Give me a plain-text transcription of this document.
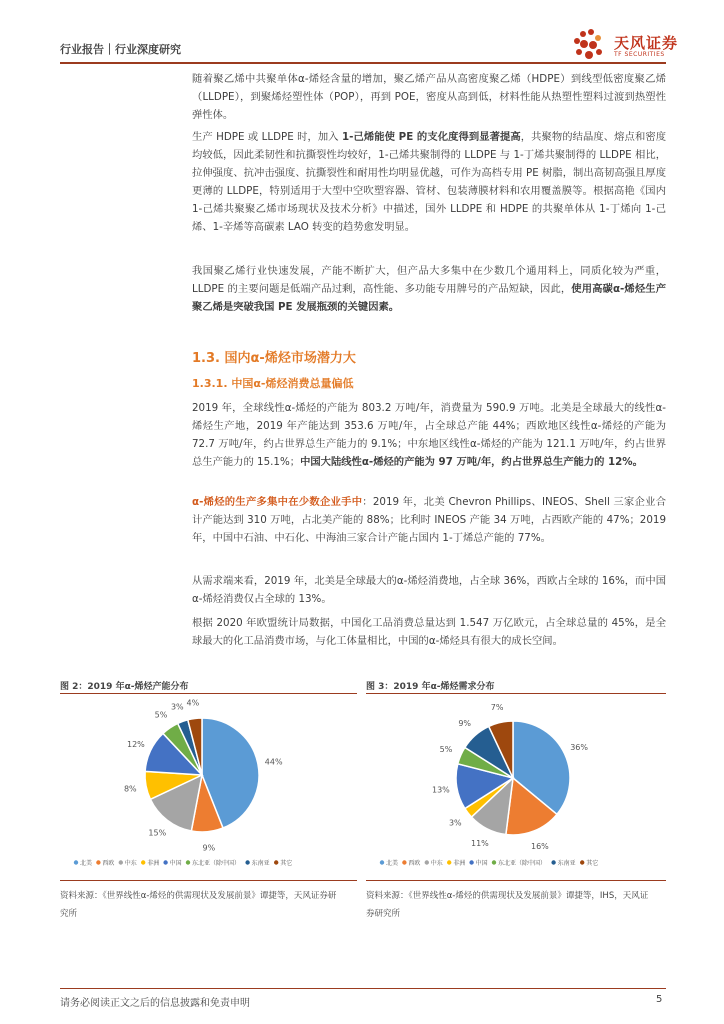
行业报告｜行业深度研究	天风证券
TF SECURITIES

随着聚乙烯中共聚单体α-烯烃含量的增加，聚乙烯产品从高密度聚乙烯（HDPE）到线型低密度聚乙烯（LLDPE），到聚烯烃塑性体（POP），再到 POE，密度从高到低，材料性能从热塑性塑料过渡到热塑性弹性体。

生产 HDPE 或 LLDPE 时，加入 1-己烯能使 PE 的支化度得到显著提高，共聚物的结晶度、熔点和密度均较低，因此柔韧性和抗撕裂性均较好，1-己烯共聚制得的 LLDPE 与 1-丁烯共聚制得的 LLDPE 相比，拉伸强度、抗冲击强度、抗撕裂性和耐用性均明显优越，可作为高档专用 PE 树脂，制出高韧高强且厚度更薄的 LLDPE，特别适用于大型中空吹塑容器、管材、包装薄膜材料和农用覆盖膜等。根据高艳《国内 1-己烯共聚聚乙烯市场现状及技术分析》中描述，国外 LLDPE 和 HDPE 的共聚单体从 1-丁烯向 1-己烯、1-辛烯等高碳素 LAO 转变的趋势愈发明显。

我国聚乙烯行业快速发展，产能不断扩大，但产品大多集中在少数几个通用料上，同质化较为严重，LLDPE 的主要问题是低端产品过剩，高性能、多功能专用牌号的产品短缺，因此，使用高碳α-烯烃生产聚乙烯是突破我国 PE 发展瓶颈的关键因素。

1.3. 国内α-烯烃市场潜力大
1.3.1. 中国α-烯烃消费总量偏低

2019 年，全球线性α-烯烃的产能为 803.2 万吨/年，消费量为 590.9 万吨。北美是全球最大的线性α-烯烃生产地，2019 年产能达到 353.6 万吨/年，占全球总产能 44%；西欧地区线性α-烯烃的产能为 72.7 万吨/年，约占世界总生产能力的 9.1%；中东地区线性α-烯烃的产能为 121.1 万吨/年，约占世界总生产能力的 15.1%；中国大陆线性α-烯烃的产能为 97 万吨/年，约占世界总生产能力的 12%。

α-烯烃的生产多集中在少数企业手中：2019 年，北美 Chevron Phillips、INEOS、Shell 三家企业合计产能达到 310 万吨，占北美产能的 88%；比利时 INEOS 产能 34 万吨，占西欧产能的 47%；2019 年，中国中石油、中石化、中海油三家合计产能占国内 1-丁烯总产能的 77%。

从需求端来看，2019 年，北美是全球最大的α-烯烃消费地，占全球 36%，西欧占全球的 16%，而中国α-烯烃消费仅占全球的 13%。

根据 2020 年欧盟统计局数据，中国化工品消费总量达到 1.547 万亿欧元，占全球总量的 45%，是全球最大的化工品消费市场，与化工体量相比，中国的α-烯烃具有很大的成长空间。

图 2：2019 年α-烯烃产能分布	图 3：2019 年α-烯烃需求分布
44%
9%
15%
8%
12%
5%
3% 4%
北美 西欧 中东 非洲 中国 东北亚（除中国） 东南亚 其它
36%
16%
11%
3%
13%
5%
9%
7%
北美 西欧 中东 非洲 中国 东北亚（除中国） 东南亚 其它
资料来源：《世界线性α-烯烃的供需现状及发展前景》谭捷等，天风证券研究所
资料来源：《世界线性α-烯烃的供需现状及发展前景》谭捷等，IHS，天风证券研究所
请务必阅读正文之后的信息披露和免责申明	5
